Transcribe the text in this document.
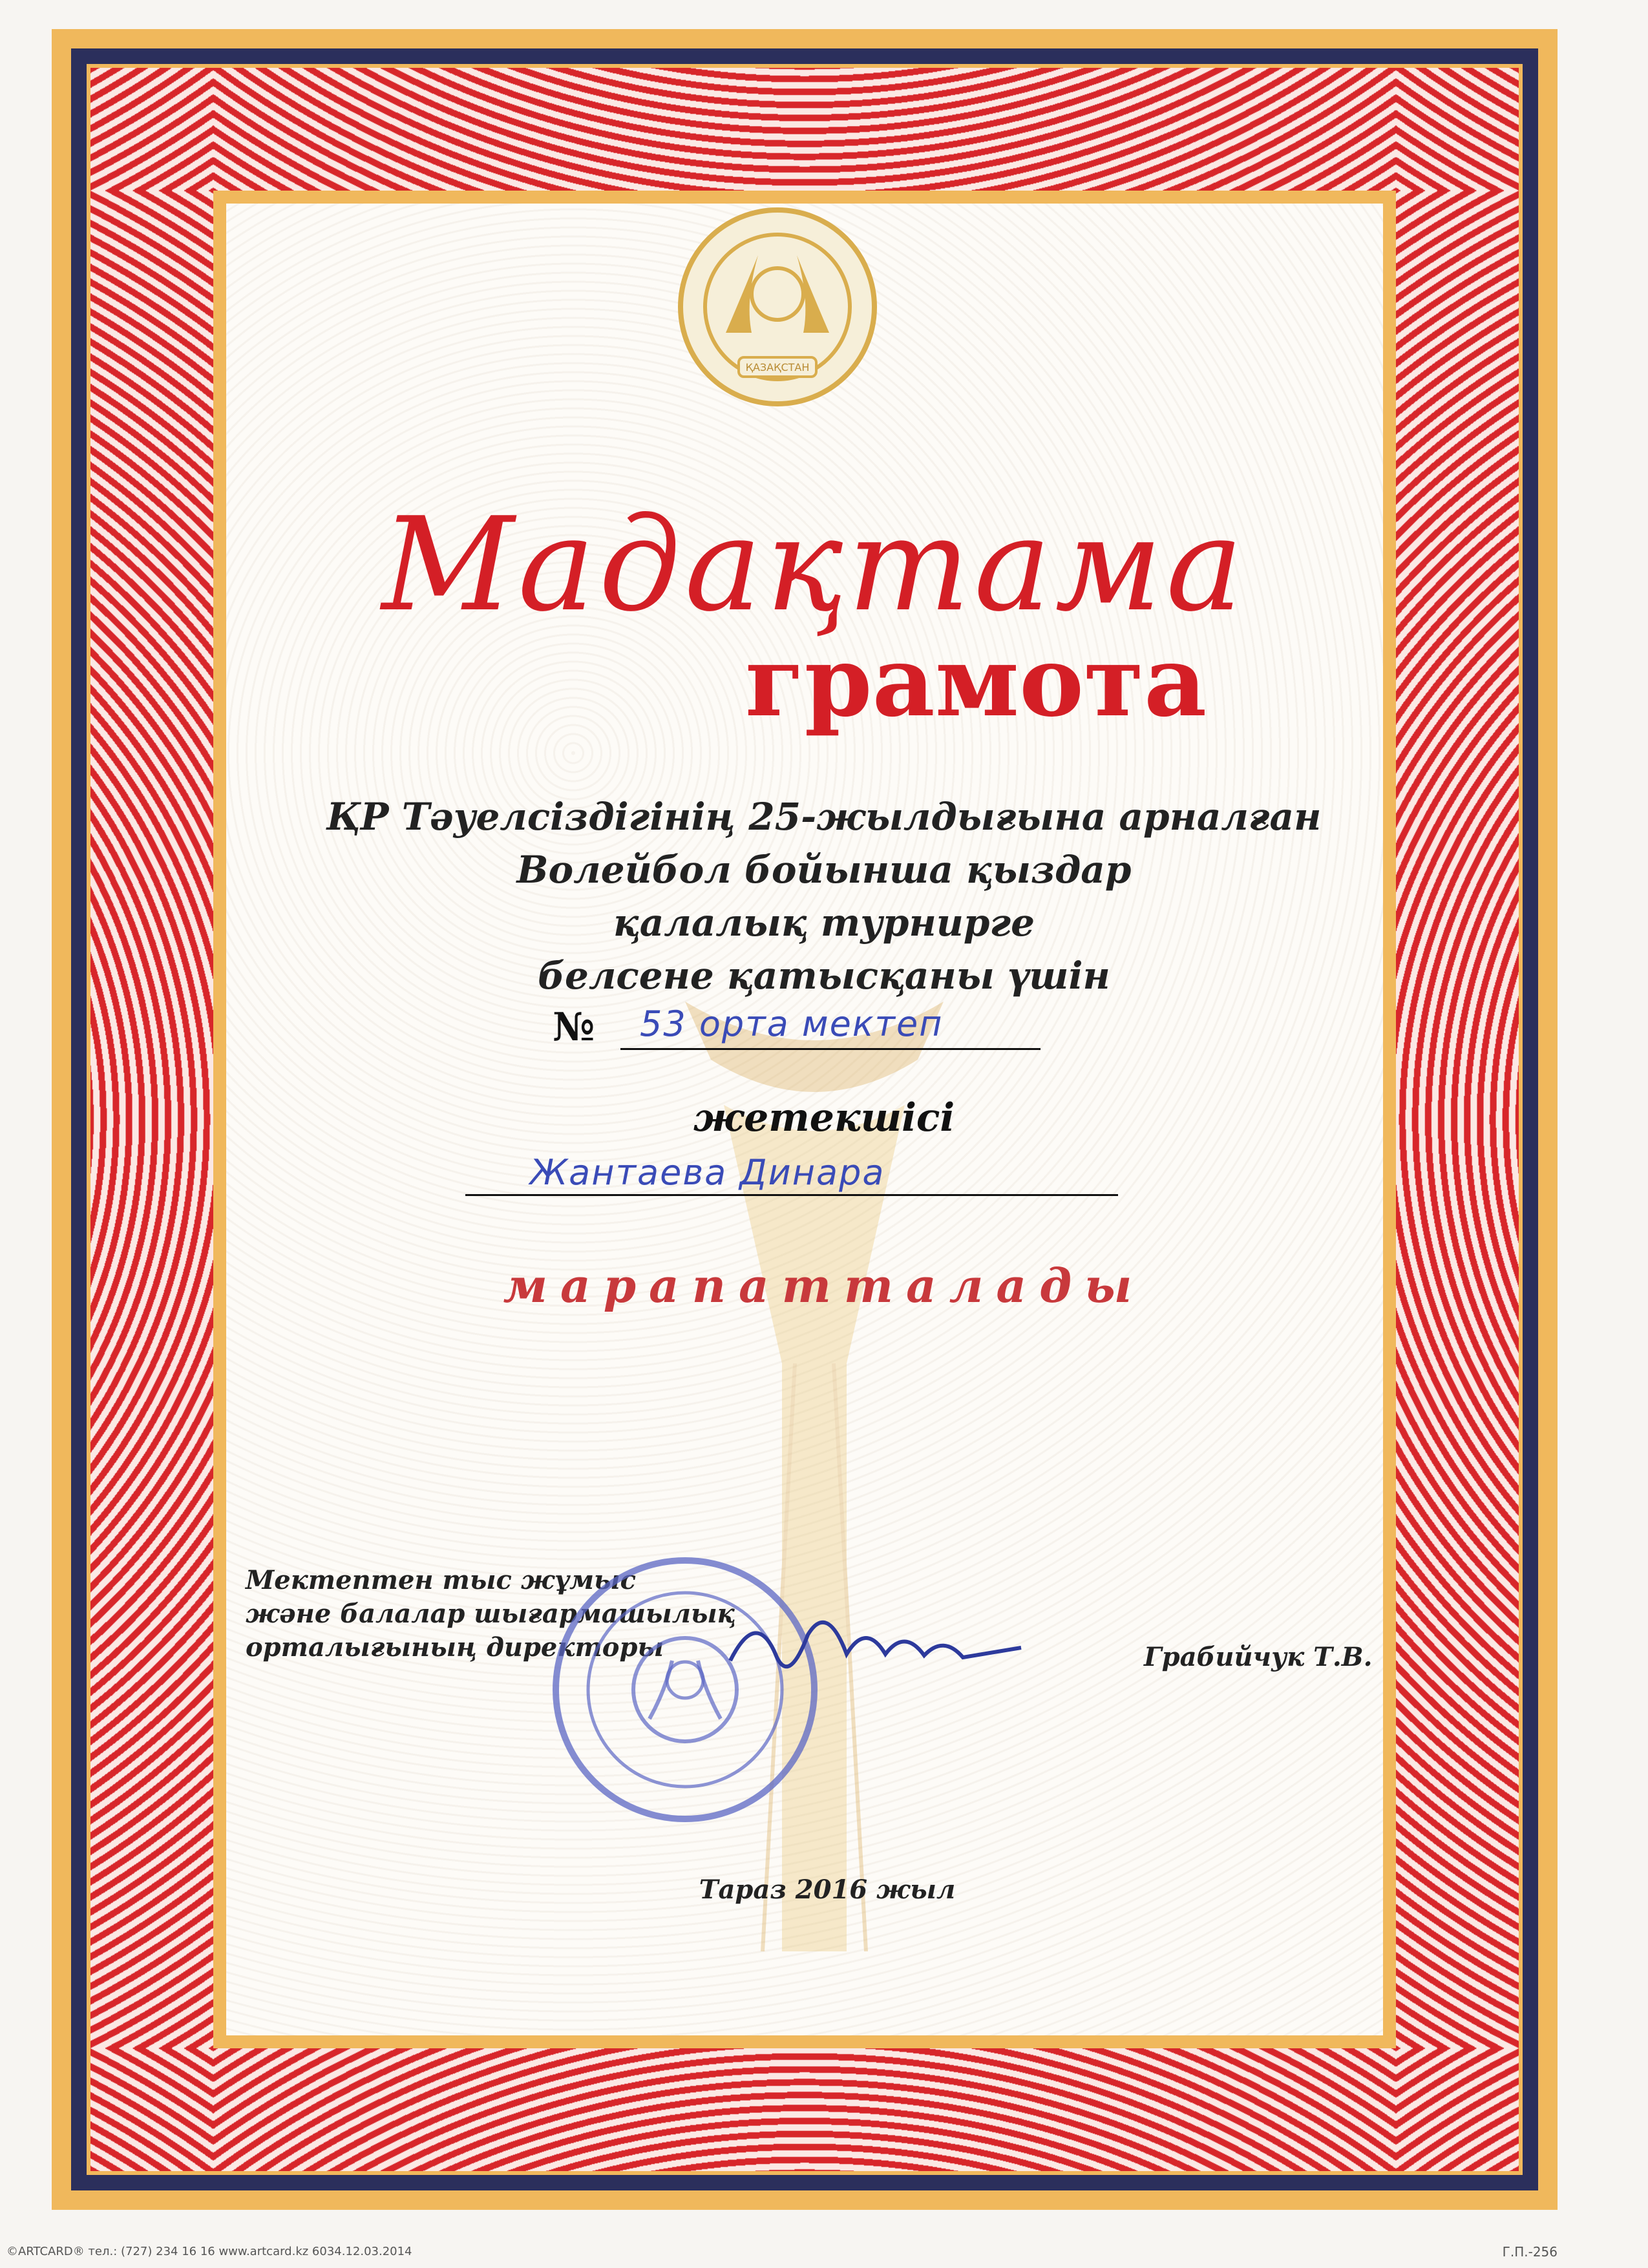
ҚАЗАҚСТАН
Мадақтама
грамота
ҚР Тәуелсіздігінің 25-жылдығына арналған
Волейбол бойынша қыздар
қалалық турнирге
белсене қатысқаны үшін
№	53 орта мектеп
жетекшісі
Жантаева Динара
марапатталады
Мектептен тыс жұмыс
және балалар шығармашылық
орталығының директоры	Грабийчук Т.В.
Тараз 2016 жыл
©ARTCARD® тел.: (727) 234 16 16 www.artcard.kz 6034.12.03.2014	Г.П.-256
